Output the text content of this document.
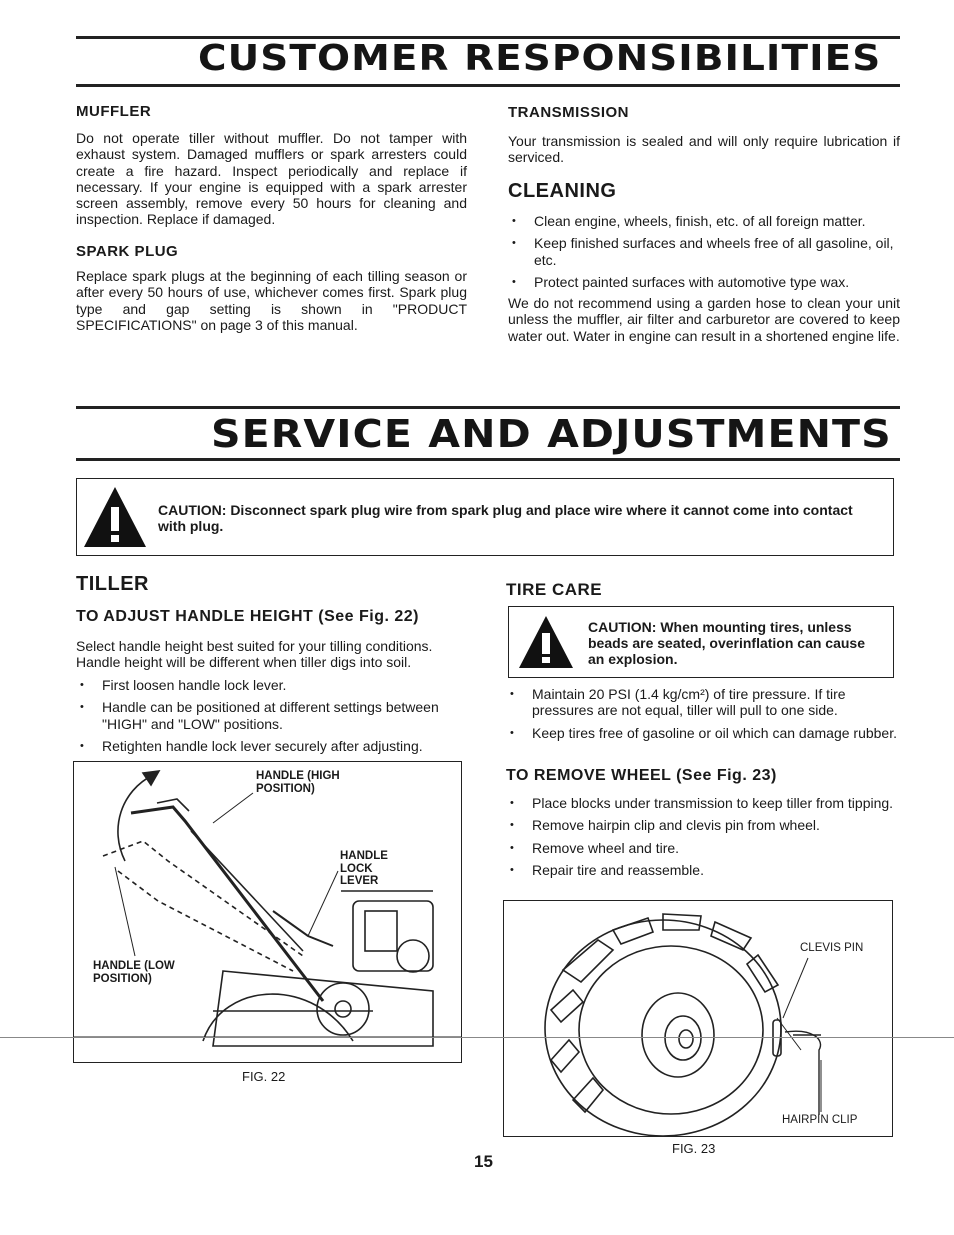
CUSTOMER RESPONSIBILITIES
MUFFLER
Do not operate tiller without muffler. Do not tamper with exhaust system. Damaged mufflers or spark arresters could create a fire hazard. Inspect periodically and replace if necessary. If your engine is equipped with a spark arrester screen assembly, remove every 50 hours for cleaning and inspection. Replace if damaged.
SPARK PLUG
Replace spark plugs at the beginning of each tilling season or after every 50 hours of use, whichever comes first. Spark plug type and gap setting is shown in "PRODUCT SPECIFICATIONS" on page 3 of this manual.
TRANSMISSION
Your transmission is sealed and will only require lubrication if serviced.
CLEANING
• Clean engine, wheels, finish, etc. of all foreign matter.
• Keep finished surfaces and wheels free of all gasoline, oil, etc.
• Protect painted surfaces with automotive type wax.
We do not recommend using a garden hose to clean your unit unless the muffler, air filter and carburetor are covered to keep water out. Water in engine can result in a shortened engine life.
SERVICE AND ADJUSTMENTS
CAUTION: Disconnect spark plug wire from spark plug and place wire where it cannot come into contact with plug.
TILLER
TO ADJUST HANDLE HEIGHT (See Fig. 22)
Select handle height best suited for your tilling conditions. Handle height will be different when tiller digs into soil.
• First loosen handle lock lever.
• Handle can be positioned at different settings between "HIGH" and "LOW" positions.
• Retighten handle lock lever securely after adjusting.
HANDLE (HIGH POSITION)
HANDLE LOCK LEVER
HANDLE (LOW POSITION)
FIG. 22
TIRE CARE
CAUTION: When mounting tires, unless beads are seated, overinflation can cause an explosion.
• Maintain 20 PSI (1.4 kg/cm²) of tire pressure. If tire pressures are not equal, tiller will pull to one side.
• Keep tires free of gasoline or oil which can damage rubber.
TO REMOVE WHEEL (See Fig. 23)
• Place blocks under transmission to keep tiller from tipping.
• Remove hairpin clip and clevis pin from wheel.
• Remove wheel and tire.
• Repair tire and reassemble.
CLEVIS PIN
HAIRPIN CLIP
FIG. 23
15
